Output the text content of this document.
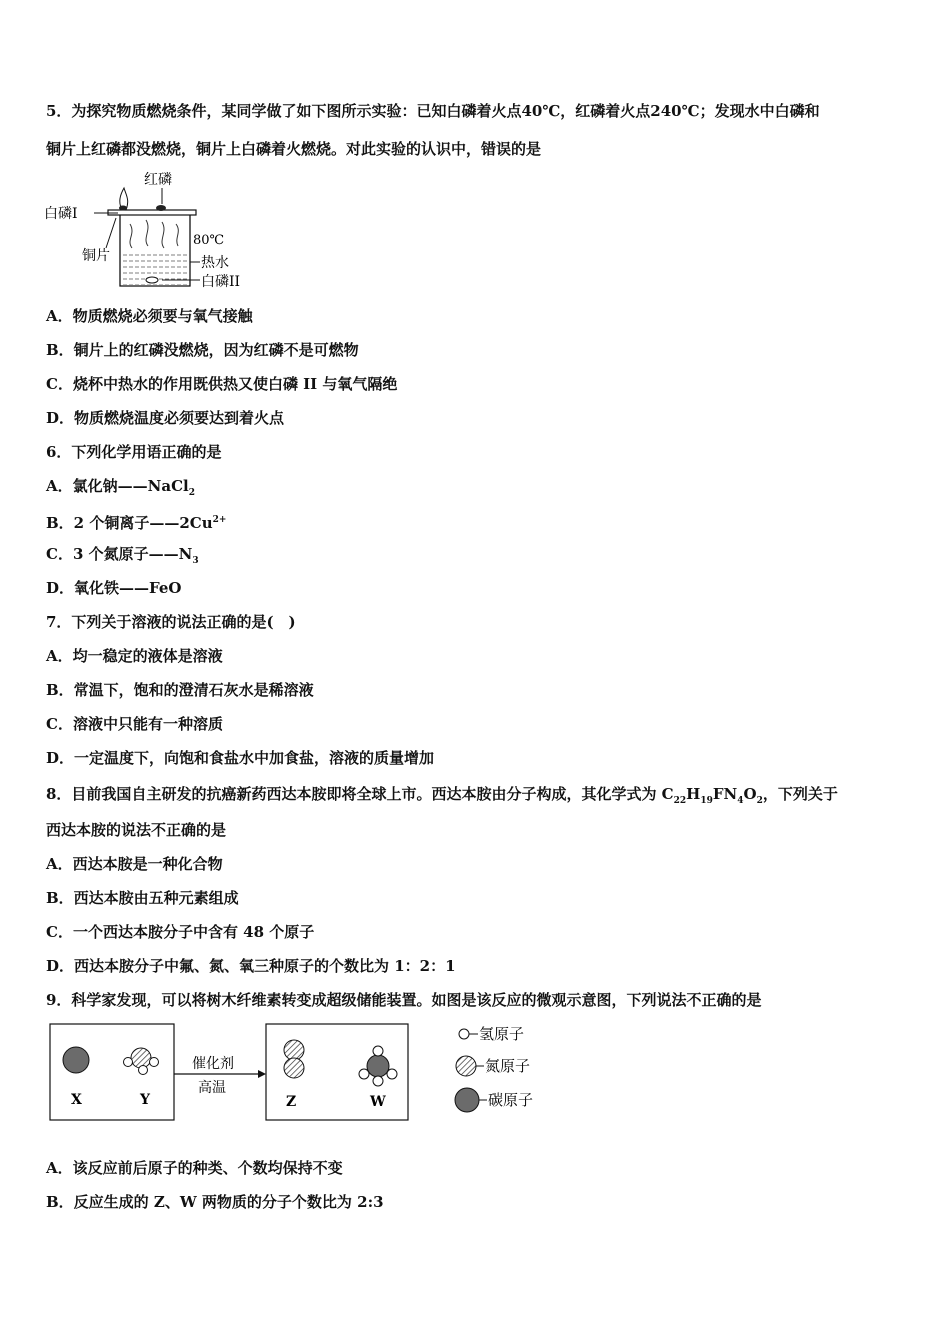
5．为探究物质燃烧条件，某同学做了如下图所示实验：已知白磷着火点40℃，红磷着火点240℃；发现水中白磷和
铜片上红磷都没燃烧，铜片上白磷着火燃烧。对此实验的认识中，错误的是
红磷
白磷I
铜片
80℃
热水
白磷II
A．物质燃烧必须要与氧气接触
B．铜片上的红磷没燃烧，因为红磷不是可燃物
C．烧杯中热水的作用既供热又使白磷 II 与氧气隔绝
D．物质燃烧温度必须要达到着火点
6．下列化学用语正确的是
A．氯化钠——NaCl$_2$
B．2 个铜离子$——2Cu^{2+}$
C．3 个氮原子$——N_3$
D．氧化铁——FeO
7．下列关于溶液的说法正确的是(　)
A．均一稳定的液体是溶液
B．常温下，饱和的澄清石灰水是稀溶液
C．溶液中只能有一种溶质
D．一定温度下，向饱和食盐水中加食盐，溶液的质量增加
8．目前我国自主研发的抗癌新药西达本胺即将全球上市。西达本胺由分子构成，其化学式为 $C_{22}H_{19}FN_4O_2$，下列关于
西达本胺的说法不正确的是
A．西达本胺是一种化合物
B．西达本胺由五种元素组成
C．一个西达本胺分子中含有 48 个原子
D．西达本胺分子中氟、氮、氧三种原子的个数比为 1：2：1
9．科学家发现，可以将树木纤维素转变成超级储能装置。如图是该反应的微观示意图，下列说法不正确的是
X	Y
催化剂
高温
Z	W
氢原子
氮原子
碳原子
A．该反应前后原子的种类、个数均保持不变
B．反应生成的 Z、W 两物质的分子个数比为 2:3
